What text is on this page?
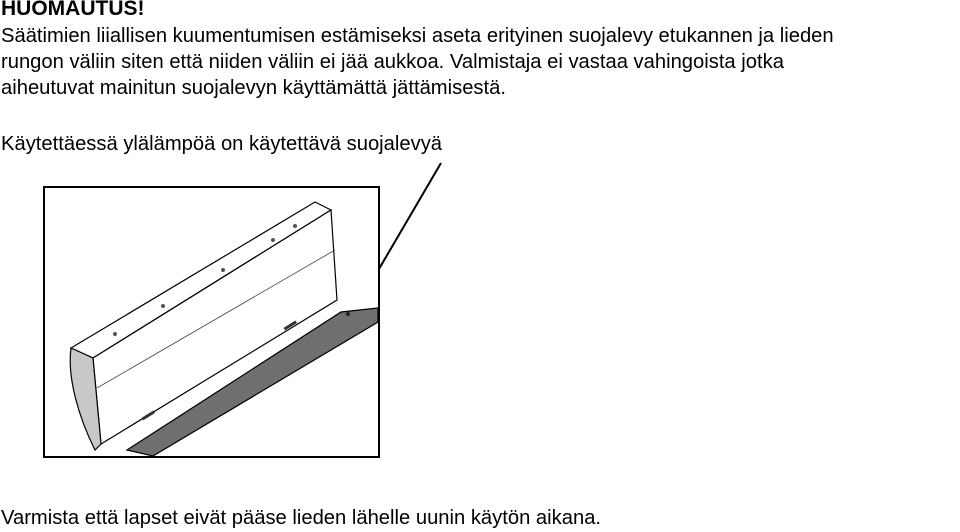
HUOMAUTUS!

Säätimien liiallisen kuumentumisen estämiseksi aseta erityinen suojalevy etukannen ja lieden
rungon väliin siten että niiden väliin ei jää aukkoa. Valmistaja ei vastaa vahingoista jotka
aiheutuvat mainitun suojalevyn käyttämättä jättämisestä.

Käytettäessä ylälämpöä on käytettävä suojalevyä

Varmista että lapset eivät pääse lieden lähelle uunin käytön aikana.
